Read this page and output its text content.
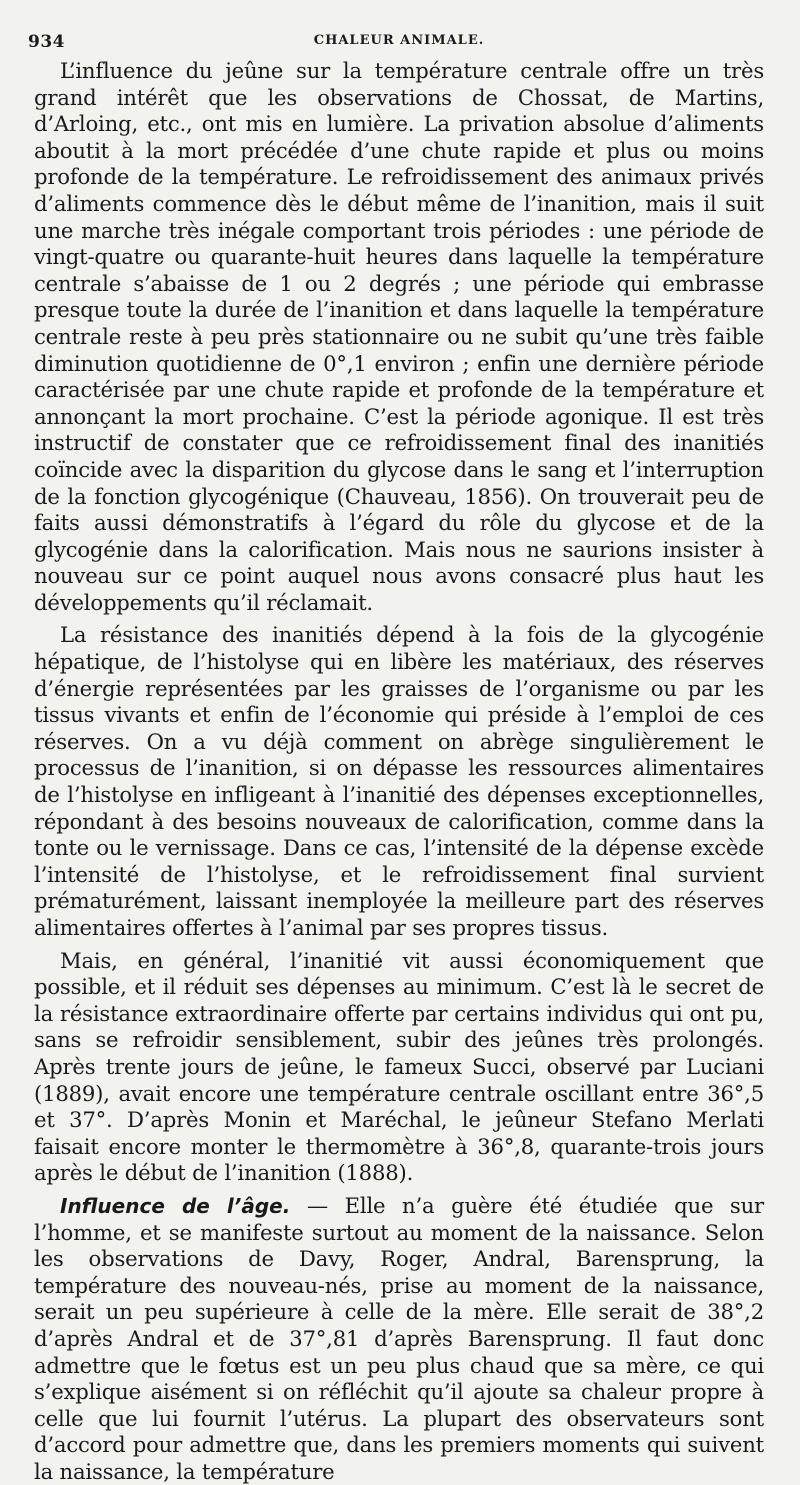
934	CHALEUR ANIMALE.

L’influence du jeûne sur la température centrale offre un très grand intérêt que les observations de Chossat, de Martins, d’Arloing, etc., ont mis en lumière. La privation absolue d’aliments aboutit à la mort précédée d’une chute rapide et plus ou moins profonde de la température. Le refroidissement des animaux privés d’aliments commence dès le début même de l’inanition, mais il suit une marche très inégale comportant trois périodes : une période de vingt-quatre ou quarante-huit heures dans laquelle la température centrale s’abaisse de 1 ou 2 degrés ; une période qui embrasse presque toute la durée de l’inanition et dans laquelle la température centrale reste à peu près stationnaire ou ne subit qu’une très faible diminution quotidienne de 0°,1 environ ; enfin une dernière période caractérisée par une chute rapide et profonde de la température et annonçant la mort prochaine. C’est la période agonique. Il est très instructif de constater que ce refroidissement final des inanitiés coïncide avec la disparition du glycose dans le sang et l’interruption de la fonction glycogénique (Chauveau, 1856). On trouverait peu de faits aussi démonstratifs à l’égard du rôle du glycose et de la glycogénie dans la calorification. Mais nous ne saurions insister à nouveau sur ce point auquel nous avons consacré plus haut les développements qu’il réclamait.

La résistance des inanitiés dépend à la fois de la glycogénie hépatique, de l’histolyse qui en libère les matériaux, des réserves d’énergie représentées par les graisses de l’organisme ou par les tissus vivants et enfin de l’économie qui préside à l’emploi de ces réserves. On a vu déjà comment on abrège singulièrement le processus de l’inanition, si on dépasse les ressources alimentaires de l’histolyse en infligeant à l’inanitié des dépenses exceptionnelles, répondant à des besoins nouveaux de calorification, comme dans la tonte ou le vernissage. Dans ce cas, l’intensité de la dépense excède l’intensité de l’histolyse, et le refroidissement final survient prématurément, laissant inemployée la meilleure part des réserves alimentaires offertes à l’animal par ses propres tissus.

Mais, en général, l’inanitié vit aussi économiquement que possible, et il réduit ses dépenses au minimum. C’est là le secret de la résistance extraordinaire offerte par certains individus qui ont pu, sans se refroidir sensiblement, subir des jeûnes très prolongés. Après trente jours de jeûne, le fameux Succi, observé par Luciani (1889), avait encore une température centrale oscillant entre 36°,5 et 37°. D’après Monin et Maréchal, le jeûneur Stefano Merlati faisait encore monter le thermomètre à 36°,8, quarante-trois jours après le début de l’inanition (1888).

Influence de l’âge. — Elle n’a guère été étudiée que sur l’homme, et se manifeste surtout au moment de la naissance. Selon les observations de Davy, Roger, Andral, Barensprung, la température des nouveau-nés, prise au moment de la naissance, serait un peu supérieure à celle de la mère. Elle serait de 38°,2 d’après Andral et de 37°,81 d’après Barensprung. Il faut donc admettre que le fœtus est un peu plus chaud que sa mère, ce qui s’explique aisément si on réfléchit qu’il ajoute sa chaleur propre à celle que lui fournit l’utérus. La plupart des observateurs sont d’accord pour admettre que, dans les premiers moments qui suivent la naissance, la température
